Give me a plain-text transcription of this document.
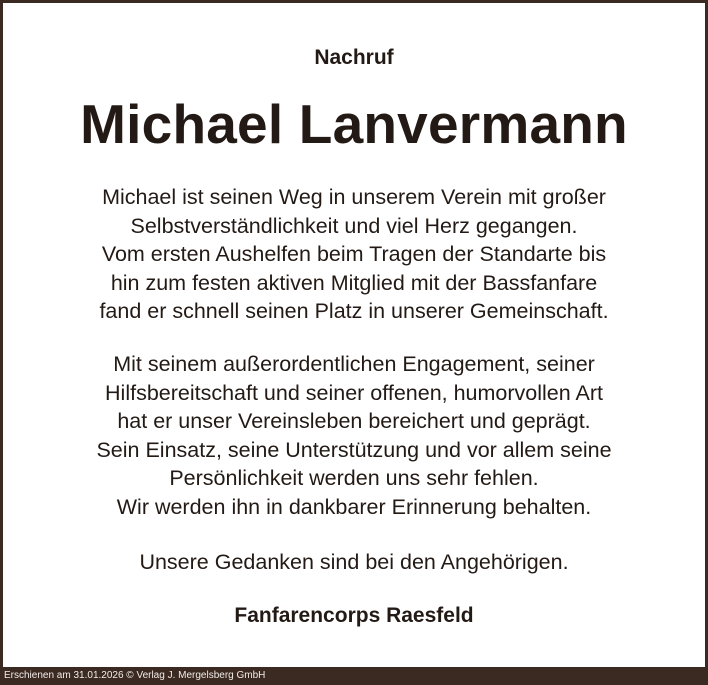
Nachruf
Michael Lanvermann
Michael ist seinen Weg in unserem Verein mit großer
Selbstverständlichkeit und viel Herz gegangen.
Vom ersten Aushelfen beim Tragen der Standarte bis
hin zum festen aktiven Mitglied mit der Bassfanfare
fand er schnell seinen Platz in unserer Gemeinschaft.
Mit seinem außerordentlichen Engagement, seiner
Hilfsbereitschaft und seiner offenen, humorvollen Art
hat er unser Vereinsleben bereichert und geprägt.
Sein Einsatz, seine Unterstützung und vor allem seine
Persönlichkeit werden uns sehr fehlen.
Wir werden ihn in dankbarer Erinnerung behalten.
Unsere Gedanken sind bei den Angehörigen.
Fanfarencorps Raesfeld
Erschienen am 31.01.2026 © Verlag J. Mergelsberg GmbH
